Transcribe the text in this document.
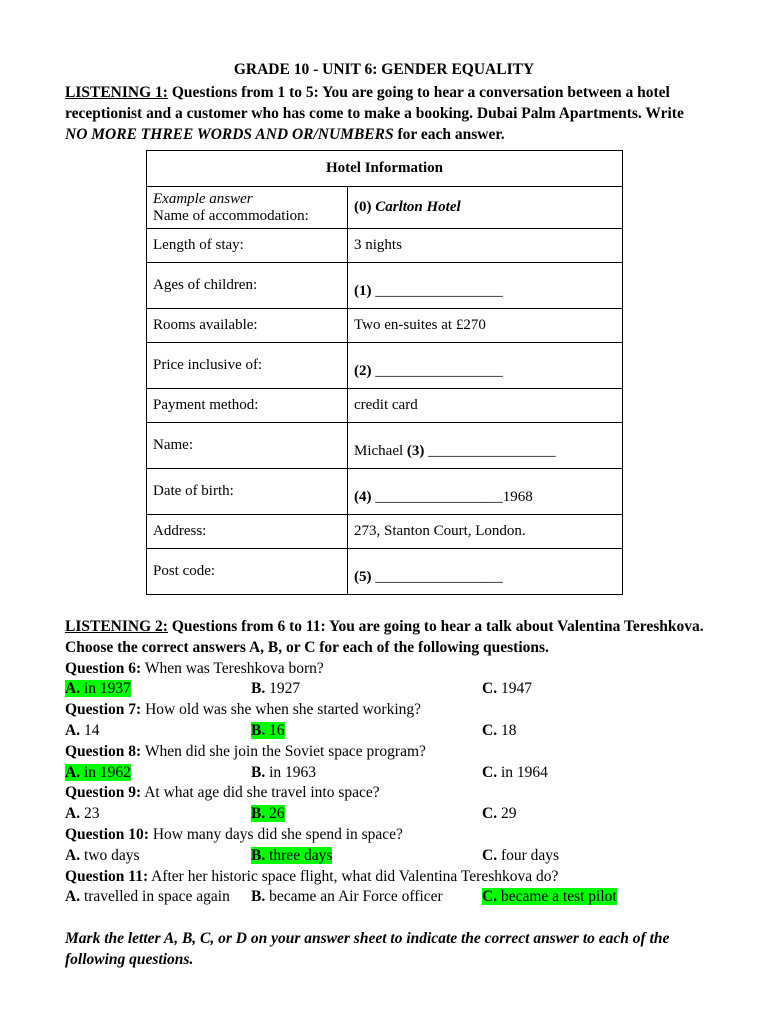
GRADE 10 - UNIT 6: GENDER EQUALITY
LISTENING 1: Questions from 1 to 5: You are going to hear a conversation between a hotel receptionist and a customer who has come to make a booking. Dubai Palm Apartments. Write NO MORE THREE WORDS AND OR/NUMBERS for each answer.
Hotel Information	
Example answer
Name of accommodation:	(0) Carlton Hotel
Length of stay:	3 nights
Ages of children:	(1) _________________
Rooms available:	Two en-suites at £270
Price inclusive of:	(2) _________________
Payment method:	credit card
Name:	Michael (3) _________________
Date of birth:	(4) _________________1968
Address:	273, Stanton Court, London.
Post code:	(5) _________________
LISTENING 2: Questions from 6 to 11: You are going to hear a talk about Valentina Tereshkova. Choose the correct answers A, B, or C for each of the following questions.
Question 6: When was Tereshkova born?
A. in 1937	B. 1927	C. 1947
Question 7: How old was she when she started working?
A. 14	B. 16	C. 18
Question 8: When did she join the Soviet space program?
A. in 1962	B. in 1963	C. in 1964
Question 9: At what age did she travel into space?
A. 23	B. 26	C. 29
Question 10: How many days did she spend in space?
A. two days	B. three days	C. four days
Question 11: After her historic space flight, what did Valentina Tereshkova do?
A. travelled in space again	B. became an Air Force officer	C. became a test pilot
Mark the letter A, B, C, or D on your answer sheet to indicate the correct answer to each of the following questions.
